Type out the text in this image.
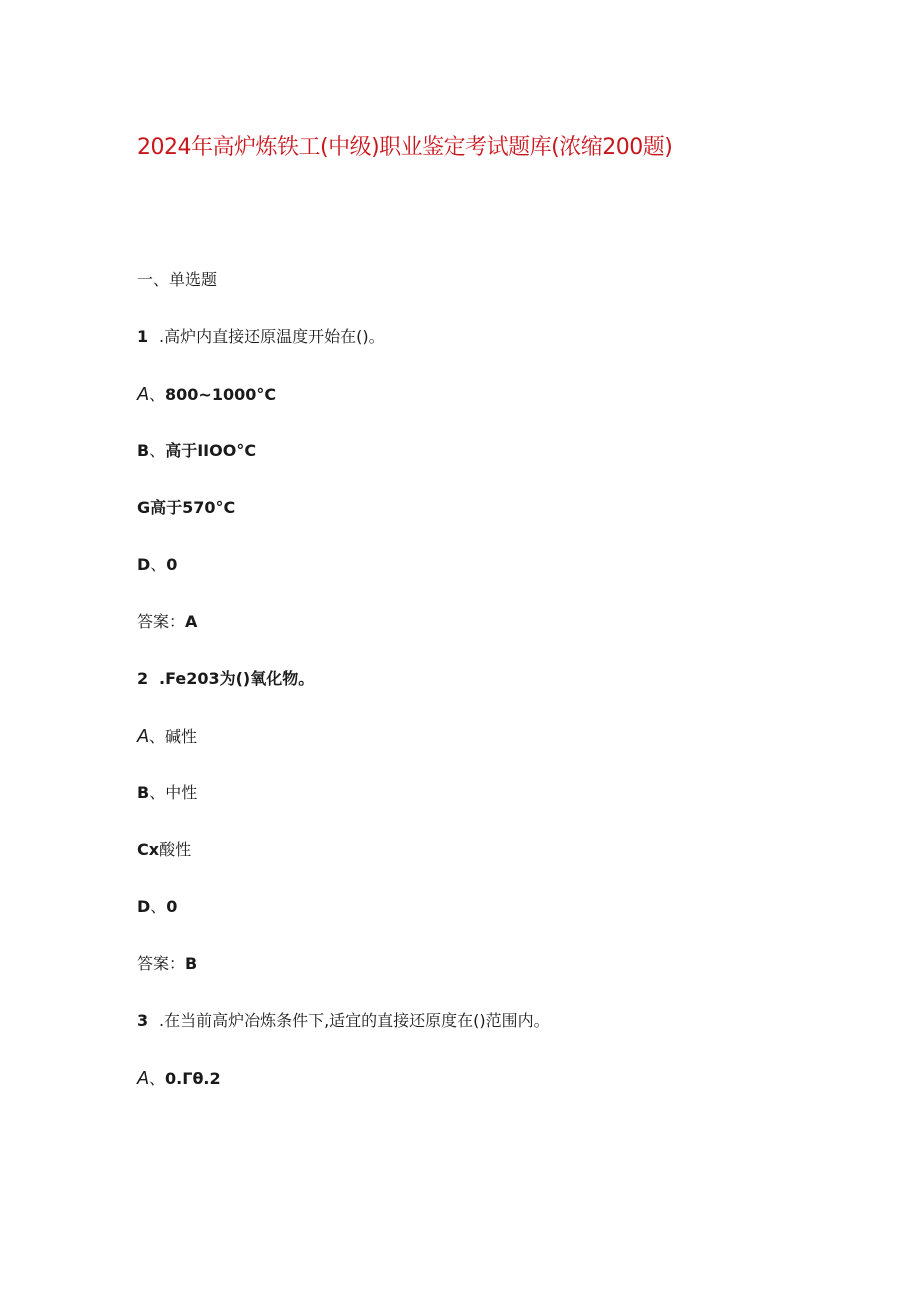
2024年高炉炼铁工(中级)职业鉴定考试题库(浓缩200题)

一、单选题

1 .高炉内直接还原温度开始在()。

A、800~1000°C

B、高于IIOO°C

G高于570°C

D、0

答案：A

2 .Fe203为()氧化物。

A、碱性

B、中性

Cx酸性

D、0

答案：B

3 .在当前高炉冶炼条件下,适宜的直接还原度在()范围内。

A、0.Γθ.2
